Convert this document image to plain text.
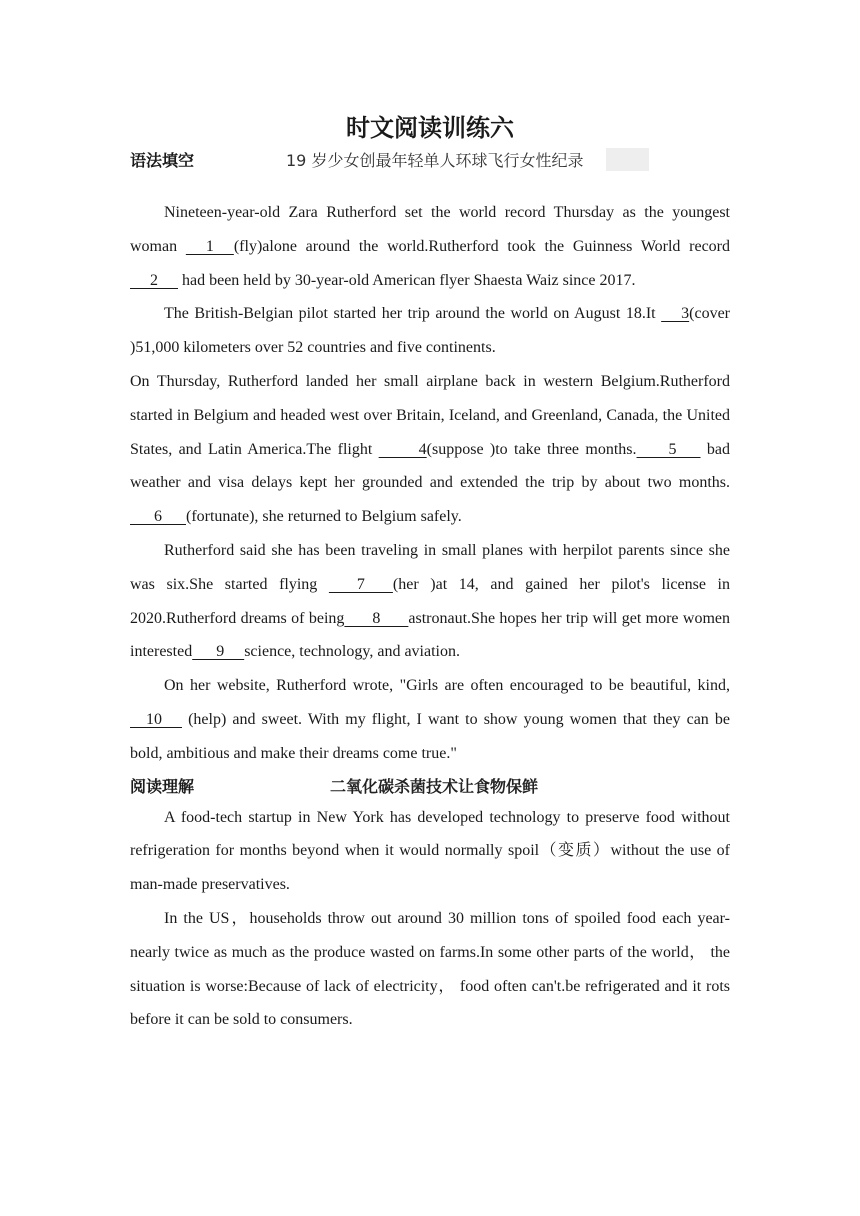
时文阅读训练六
语法填空	19 岁少女创最年轻单人环球飞行女性纪录

Nineteen-year-old Zara Rutherford set the world record Thursday as the youngest woman      1     (fly)alone around the world.Rutherford took the Guinness World record      2      had been held by 30-year-old American flyer Shaesta Waiz since 2017.

The British-Belgian pilot started her trip around the world on August 18.It      3(cover )51,000 kilometers over 52 countries and five continents.

On Thursday, Rutherford landed her small airplane back in western Belgium.Rutherford started in Belgium and headed west over Britain, Iceland, and Greenland, Canada, the United States, and Latin America.The flight           4(suppose )to take three months.        5       bad weather and visa delays kept her grounded and extended the trip by about two months.      6      (fortunate), she returned to Belgium safely.

Rutherford said she has been traveling in small planes with herpilot parents since she was six.She started flying        7       (her )at 14, and gained her pilot's license in 2020.Rutherford dreams of being       8       astronaut.She hopes her trip will get more women interested      9     science, technology, and aviation.

On her website, Rutherford wrote, "Girls are often encouraged to be beautiful, kind,    10      (help) and sweet. With my flight, I want to show young women that they can be bold, ambitious and make their dreams come true."

阅读理解	二氧化碳杀菌技术让食物保鲜

A food-tech startup in New York has developed technology to preserve food without refrigeration for months beyond when it would normally spoil（变质）without the use of man-made preservatives.

In the US，households throw out around 30 million tons of spoiled food each year-nearly twice as much as the produce wasted on farms.In some other parts of the world， the situation is worse:Because of lack of electricity， food often can't.be refrigerated and it rots before it can be sold to consumers.
